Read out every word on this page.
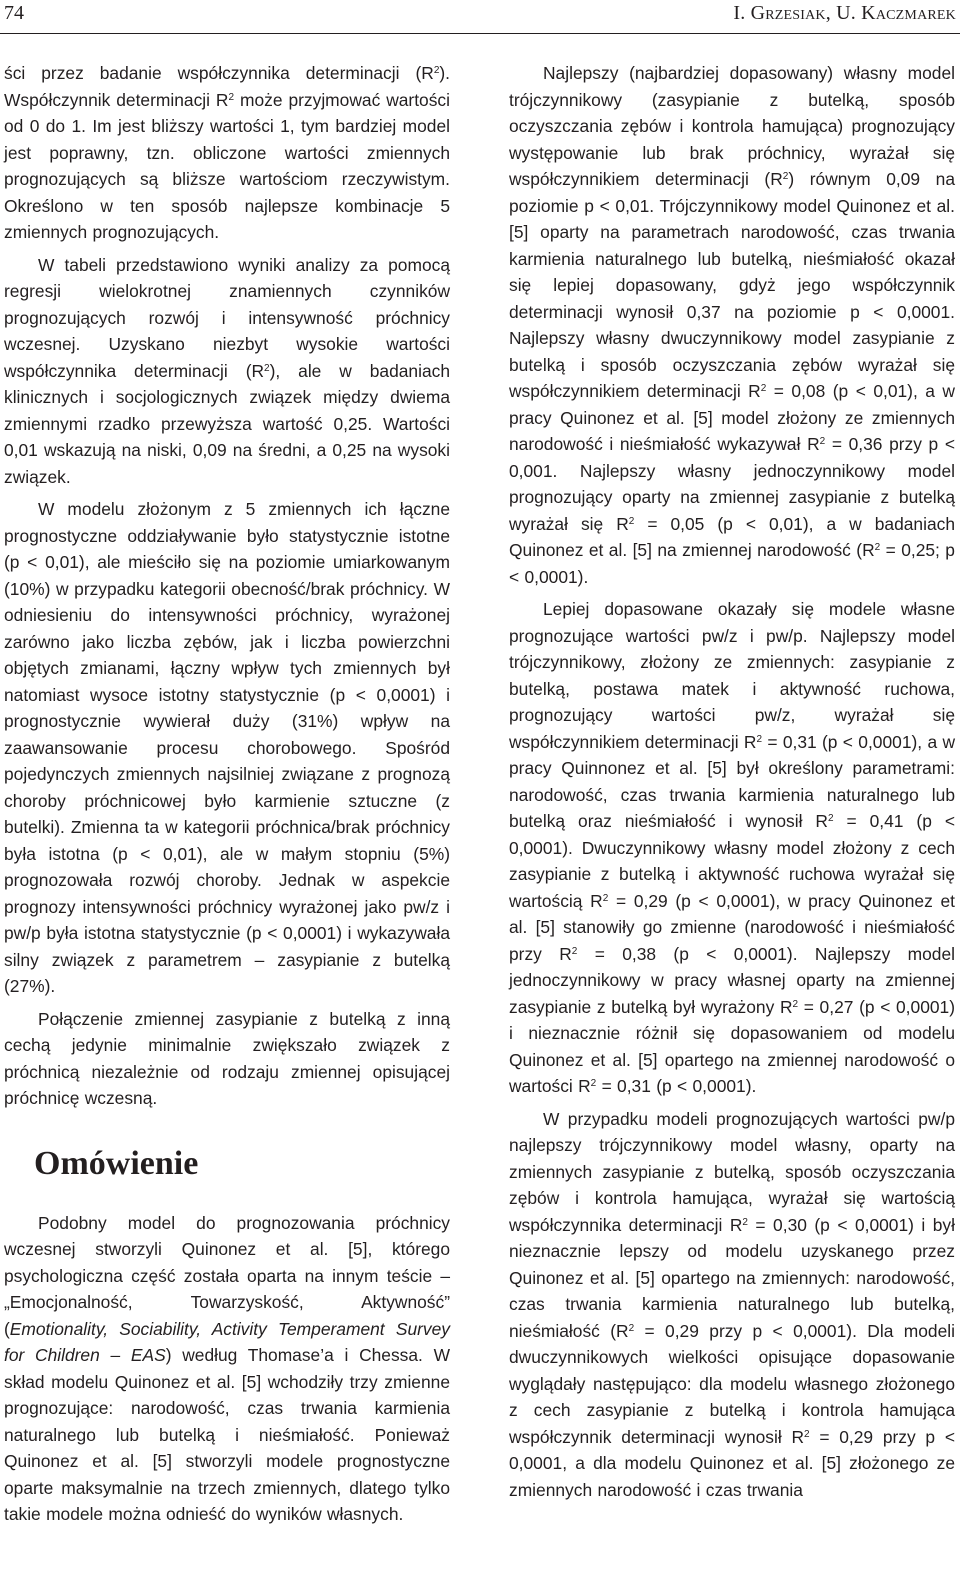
74	I. Grzesiak, U. Kaczmarek

ści przez badanie współczynnika determinacji $(R^2)$. Współczynnik determinacji $R^2$ może przyjmować wartości od 0 do 1. Im jest bliższy wartości 1, tym bardziej model jest poprawny, tzn. obliczone wartości zmiennych prognozujących są bliższe wartościom rzeczywistym. Określono w ten sposób najlepsze kombinacje 5 zmiennych prognozujących.

W tabeli przedstawiono wyniki analizy za pomocą regresji wielokrotnej znamiennych czynników prognozujących rozwój i intensywność próchnicy wczesnej. Uzyskano niezbyt wysokie wartości współczynnika determinacji $(R^2)$, ale w badaniach klinicznych i socjologicznych związek między dwiema zmiennymi rzadko przewyższa wartość 0,25. Wartości 0,01 wskazują na niski, 0,09 na średni, a 0,25 na wysoki związek.

W modelu złożonym z 5 zmiennych ich łączne prognostyczne oddziaływanie było statystycznie istotne (p < 0,01), ale mieściło się na poziomie umiarkowanym (10%) w przypadku kategorii obecność/brak próchnicy. W odniesieniu do intensywności próchnicy, wyrażonej zarówno jako liczba zębów, jak i liczba powierzchni objętych zmianami, łączny wpływ tych zmiennych był natomiast wysoce istotny statystycznie (p < 0,0001) i prognostycznie wywierał duży (31%) wpływ na zaawansowanie procesu chorobowego. Spośród pojedynczych zmiennych najsilniej związane z prognozą choroby próchnicowej było karmienie sztuczne (z butelki). Zmienna ta w kategorii próchnica/brak próchnicy była istotna (p < 0,01), ale w małym stopniu (5%) prognozowała rozwój choroby. Jednak w aspekcie prognozy intensywności próchnicy wyrażonej jako pw/z i pw/p była istotna statystycznie (p < 0,0001) i wykazywała silny związek z parametrem – zasypianie z butelką (27%).

Połączenie zmiennej zasypianie z butelką z inną cechą jedynie minimalnie zwiększało związek z próchnicą niezależnie od rodzaju zmiennej opisującej próchnicę wczesną.

Omówienie

Podobny model do prognozowania próchnicy wczesnej stworzyli Quinonez et al. [5], którego psychologiczna część została oparta na innym teście – „Emocjonalność, Towarzyskość, Aktywność” (Emotionality, Sociability, Activity Temperament Survey for Children – EAS) według Thomase’a i Chessa. W skład modelu Quinonez et al. [5] wchodziły trzy zmienne prognozujące: narodowość, czas trwania karmienia naturalnego lub butelką i nieśmiałość. Ponieważ Quinonez et al. [5] stworzyli modele prognostyczne oparte maksymalnie na trzech zmiennych, dlatego tylko takie modele można odnieść do wyników własnych.

Najlepszy (najbardziej dopasowany) własny model trójczynnikowy (zasypianie z butelką, sposób oczyszczania zębów i kontrola hamująca) prognozujący występowanie lub brak próchnicy, wyrażał się współczynnikiem determinacji $(R^2)$ równym 0,09 na poziomie p < 0,01. Trójczynnikowy model Quinonez et al. [5] oparty na parametrach narodowość, czas trwania karmienia naturalnego lub butelką, nieśmiałość okazał się lepiej dopasowany, gdyż jego współczynnik determinacji wynosił 0,37 na poziomie p < 0,0001. Najlepszy własny dwuczynnikowy model zasypianie z butelką i sposób oczyszczania zębów wyrażał się współczynnikiem determinacji $R^2 = 0,08$ (p < 0,01), a w pracy Quinonez et al. [5] model złożony ze zmiennych narodowość i nieśmiałość wykazywał $R^2 = 0,36$ przy p < 0,001. Najlepszy własny jednoczynnikowy model prognozujący oparty na zmiennej zasypianie z butelką wyrażał się $R^2 = 0,05$ (p < 0,01), a w badaniach Quinonez et al. [5] na zmiennej narodowość ($R^2 = 0,25$; p < 0,0001).

Lepiej dopasowane okazały się modele własne prognozujące wartości pw/z i pw/p. Najlepszy model trójczynnikowy, złożony ze zmiennych: zasypianie z butelką, postawa matek i aktywność ruchowa, prognozujący wartości pw/z, wyrażał się współczynnikiem determinacji $R^2 = 0,31$ (p < 0,0001), a w pracy Quinnonez et al. [5] był określony parametrami: narodowość, czas trwania karmienia naturalnego lub butelką oraz nieśmiałość i wynosił $R^2 = 0,41$ (p < 0,0001). Dwuczynnikowy własny model złożony z cech zasypianie z butelką i aktywność ruchowa wyrażał się wartością $R^2 = 0,29$ (p < 0,0001), w pracy Quinonez et al. [5] stanowiły go zmienne (narodowość i nieśmiałość przy $R^2 = 0,38$ (p < 0,0001). Najlepszy model jednoczynnikowy w pracy własnej oparty na zmiennej zasypianie z butelką był wyrażony $R^2 = 0,27$ (p < 0,0001) i nieznacznie różnił się dopasowaniem od modelu Quinonez et al. [5] opartego na zmiennej narodowość o wartości $R^2 = 0,31$ (p < 0,0001).

W przypadku modeli prognozujących wartości pw/p najlepszy trójczynnikowy model własny, oparty na zmiennych zasypianie z butelką, sposób oczyszczania zębów i kontrola hamująca, wyrażał się wartością współczynnika determinacji $R^2 = 0,30$ (p < 0,0001) i był nieznacznie lepszy od modelu uzyskanego przez Quinonez et al. [5] opartego na zmiennych: narodowość, czas trwania karmienia naturalnego lub butelką, nieśmiałość ($R^2 = 0,29$ przy p < 0,0001). Dla modeli dwuczynnikowych wielkości opisujące dopasowanie wyglądały następująco: dla modelu własnego złożonego z cech zasypianie z butelką i kontrola hamująca współczynnik determinacji wynosił $R^2 = 0,29$ przy p < 0,0001, a dla modelu Quinonez et al. [5] złożonego ze zmiennych narodowość i czas trwania
